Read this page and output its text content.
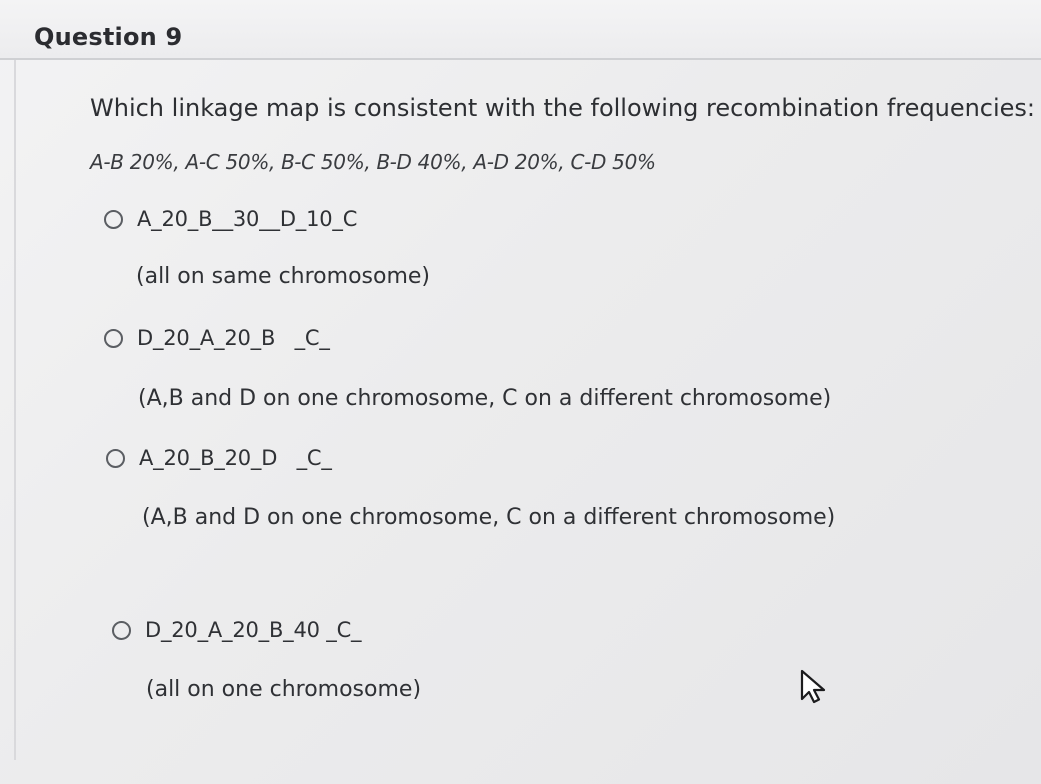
Question 9
Which linkage map is consistent with the following recombination frequencies:
A-B 20%, A-C 50%, B-C 50%, B-D 40%, A-D 20%, C-D 50%
A_20_B__30__D_10_C
(all on same chromosome)
D_20_A_20_B   _C_
(A,B and D on one chromosome, C on a different chromosome)
A_20_B_20_D   _C_
(A,B and D on one chromosome, C on a different chromosome)
D_20_A_20_B_40 _C_
(all on one chromosome)
